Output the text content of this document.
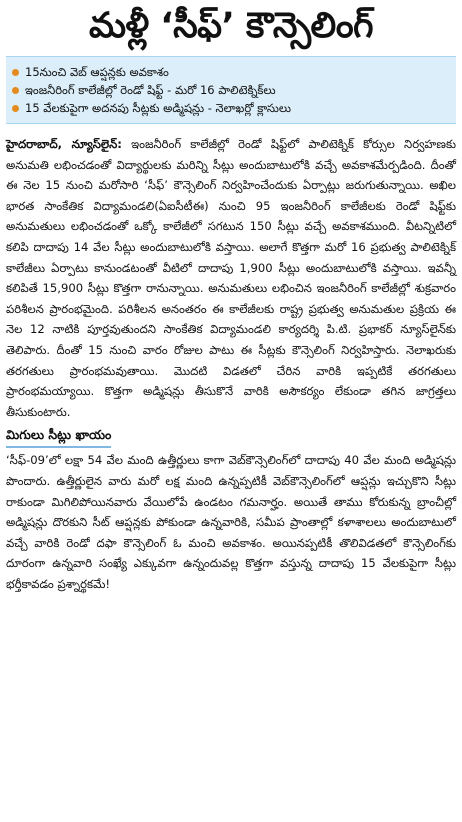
మళ్లీ ‘సీఫ్’ కౌన్సెలింగ్
15నుంచి వెబ్ ఆప్షన్లకు అవకాశం
ఇంజనీరింగ్ కాలేజీల్లో రెండో షిఫ్ట్ - మరో 16 పాలిటెక్నిక్‌లు
15 వేలకుపైగా అదనపు సీట్లకు అడ్మిషన్లు - నెలాఖర్లో క్లాసులు

హైదరాబాద్, న్యూస్‌లైన్: ఇంజనీరింగ్ కాలేజీల్లో రెండో షిఫ్ట్‌లో పాలిటెక్నిక్ కోర్సుల నిర్వహణకు అనుమతి లభించడంతో విద్యార్థులకు మరిన్ని సీట్లు అందుబాటులోకి వచ్చే అవకాశమేర్పడింది. దీంతో ఈ నెల 15 నుంచి మరోసారి ‘సీఫ్’ కౌన్సెలింగ్ నిర్వహించేందుకు ఏర్పాట్లు జరుగుతున్నాయి. అఖిల భారత సాంకేతిక విద్యామండలి(ఏఐసీటీఈ) నుంచి 95 ఇంజనీరింగ్ కాలేజీలకు రెండో షిఫ్ట్‌కు అనుమతులు లభించడంతో ఒక్కో కాలేజీలో సగటున 150 సీట్లు వచ్చే అవకాశముంది. వీటన్నిటిలో కలిపి దాదాపు 14 వేల సీట్లు అందుబాటులోకి వస్తాయి. అలాగే కొత్తగా మరో 16 ప్రభుత్వ పాలిటెక్నిక్ కాలేజీలు ఏర్పాటు కానుండటంతో వీటిలో దాదాపు 1,900 సీట్లు అందుబాటులోకి వస్తాయి. ఇవన్నీ కలిపితే 15,900 సీట్లు కొత్తగా రానున్నాయి. అనుమతులు లభించిన ఇంజనీరింగ్ కాలేజీల్లో శుక్రవారం పరిశీలన ప్రారంభమైంది. పరిశీలన అనంతరం ఈ కాలేజీలకు రాష్ట్ర ప్రభుత్వ అనుమతుల ప్రక్రియ ఈ నెల 12 నాటికి పూర్తవుతుందని సాంకేతిక విద్యామండలి కార్యదర్శి పి.టి. ప్రభాకర్ న్యూస్‌లైన్‌కు తెలిపారు. దీంతో 15 నుంచి వారం రోజుల పాటు ఈ సీట్లకు కౌన్సెలింగ్ నిర్వహిస్తారు. నెలాఖరుకు తరగతులు ప్రారంభమవుతాయి. మొదటి విడతలో చేరిన వారికి ఇప్పటికే తరగతులు ప్రారంభమయ్యాయి. కొత్తగా అడ్మిషన్లు తీసుకొనే వారికి అసౌకర్యం లేకుండా తగిన జాగ్రత్తలు తీసుకుంటారు.

మిగులు సీట్లు ఖాయం

‘సీఫ్-09’లో లక్షా 54 వేల మంది ఉత్తీర్ణులు కాగా వెబ్‌కౌన్సెలింగ్‌లో దాదాపు 40 వేల మంది అడ్మిషన్లు పొందారు. ఉత్తీర్ణులైన వారు మరో లక్ష మంది ఉన్నప్పటికీ వెబ్‌కౌన్సెలింగ్‌లో ఆప్షన్లు ఇచ్చుకొని సీట్లు రాకుండా మిగిలిపోయినవారు వేయిలోపే ఉండటం గమనార్హం. అయితే తాము కోరుకున్న బ్రాంచీల్లో అడ్మిషన్లు దొరకుని సీట్ ఆప్షన్లకు పోకుండా ఉన్నవారికి, సమీప ప్రాంతాల్లో కళాశాలలు అందుబాటులో వచ్చే వారికి రెండో దఫా కౌన్సెలింగ్ ఓ మంచి అవకాశం. అయినప్పటికీ తొలివిడతలో కౌన్సెలింగ్‌కు దూరంగా ఉన్నవారి సంఖ్యే ఎక్కువగా ఉన్నందువల్ల కొత్తగా వస్తున్న దాదాపు 15 వేలకుపైగా సీట్లు భర్తీకావడం ప్రశ్నార్థకమే!
